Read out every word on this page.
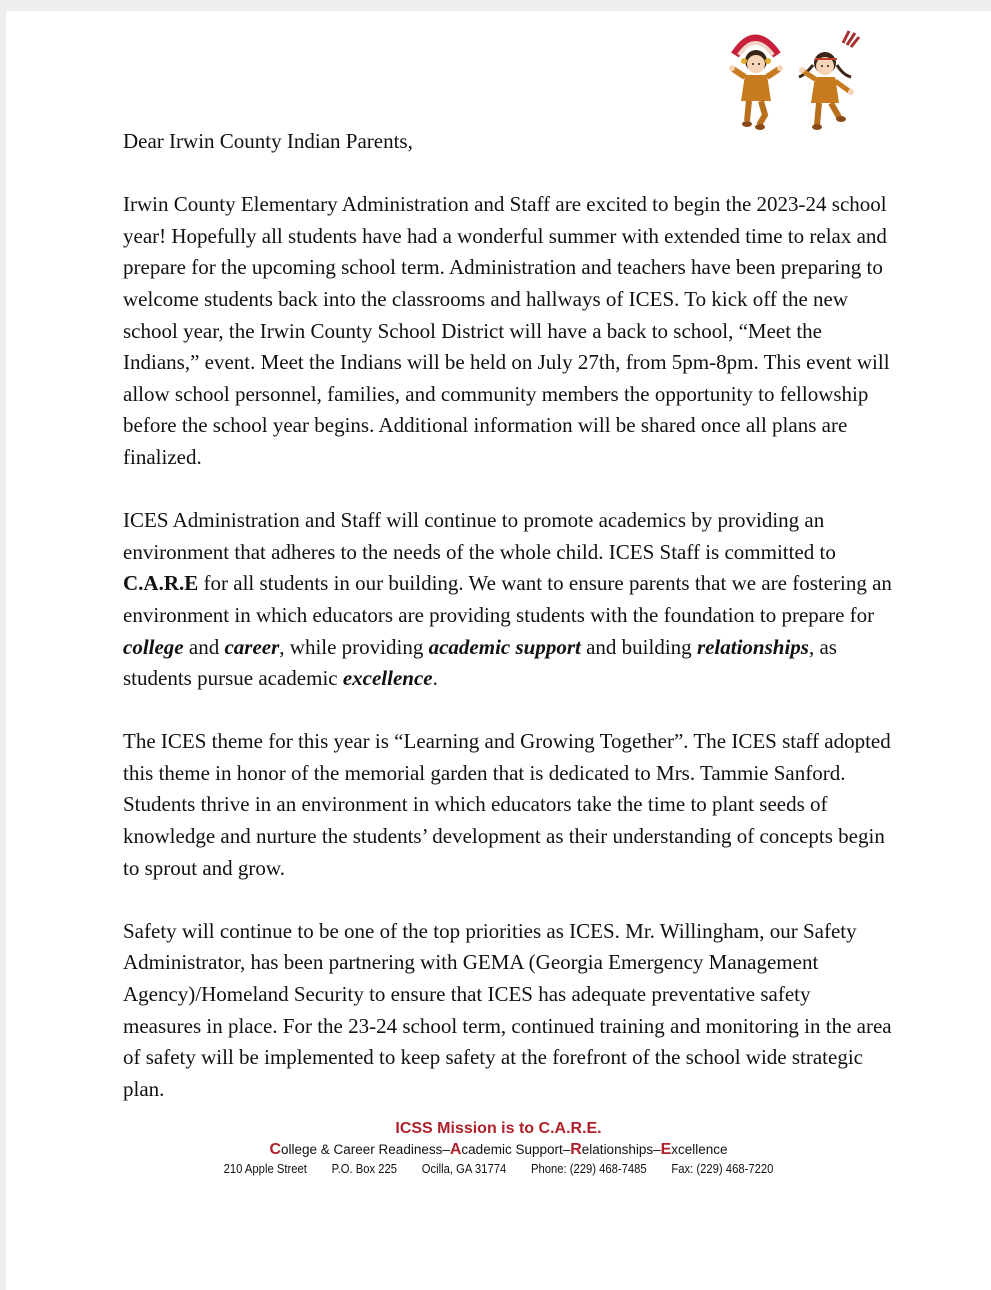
Dear Irwin County Indian Parents,

Irwin County Elementary Administration and Staff are excited to begin the 2023-24 school year! Hopefully all students have had a wonderful summer with extended time to relax and prepare for the upcoming school term. Administration and teachers have been preparing to welcome students back into the classrooms and hallways of ICES. To kick off the new school year, the Irwin County School District will have a back to school, “Meet the Indians,” event. Meet the Indians will be held on July 27th, from 5pm-8pm. This event will allow school personnel, families, and community members the opportunity to fellowship before the school year begins. Additional information will be shared once all plans are finalized.

ICES Administration and Staff will continue to promote academics by providing an environment that adheres to the needs of the whole child. ICES Staff is committed to C.A.R.E for all students in our building. We want to ensure parents that we are fostering an environment in which educators are providing students with the foundation to prepare for college and career, while providing academic support and building relationships, as students pursue academic excellence.

The ICES theme for this year is “Learning and Growing Together”. The ICES staff adopted this theme in honor of the memorial garden that is dedicated to Mrs. Tammie Sanford. Students thrive in an environment in which educators take the time to plant seeds of knowledge and nurture the students’ development as their understanding of concepts begin to sprout and grow.

Safety will continue to be one of the top priorities as ICES. Mr. Willingham, our Safety Administrator, has been partnering with GEMA (Georgia Emergency Management Agency)/Homeland Security to ensure that ICES has adequate preventative safety measures in place. For the 23-24 school term, continued training and monitoring in the area of safety will be implemented to keep safety at the forefront of the school wide strategic plan.

ICSS Mission is to C.A.R.E.
College & Career Readiness–Academic Support–Relationships–Excellence
210 Apple Street P.O. Box 225 Ocilla, GA 31774 Phone: (229) 468-7485 Fax: (229) 468-7220
